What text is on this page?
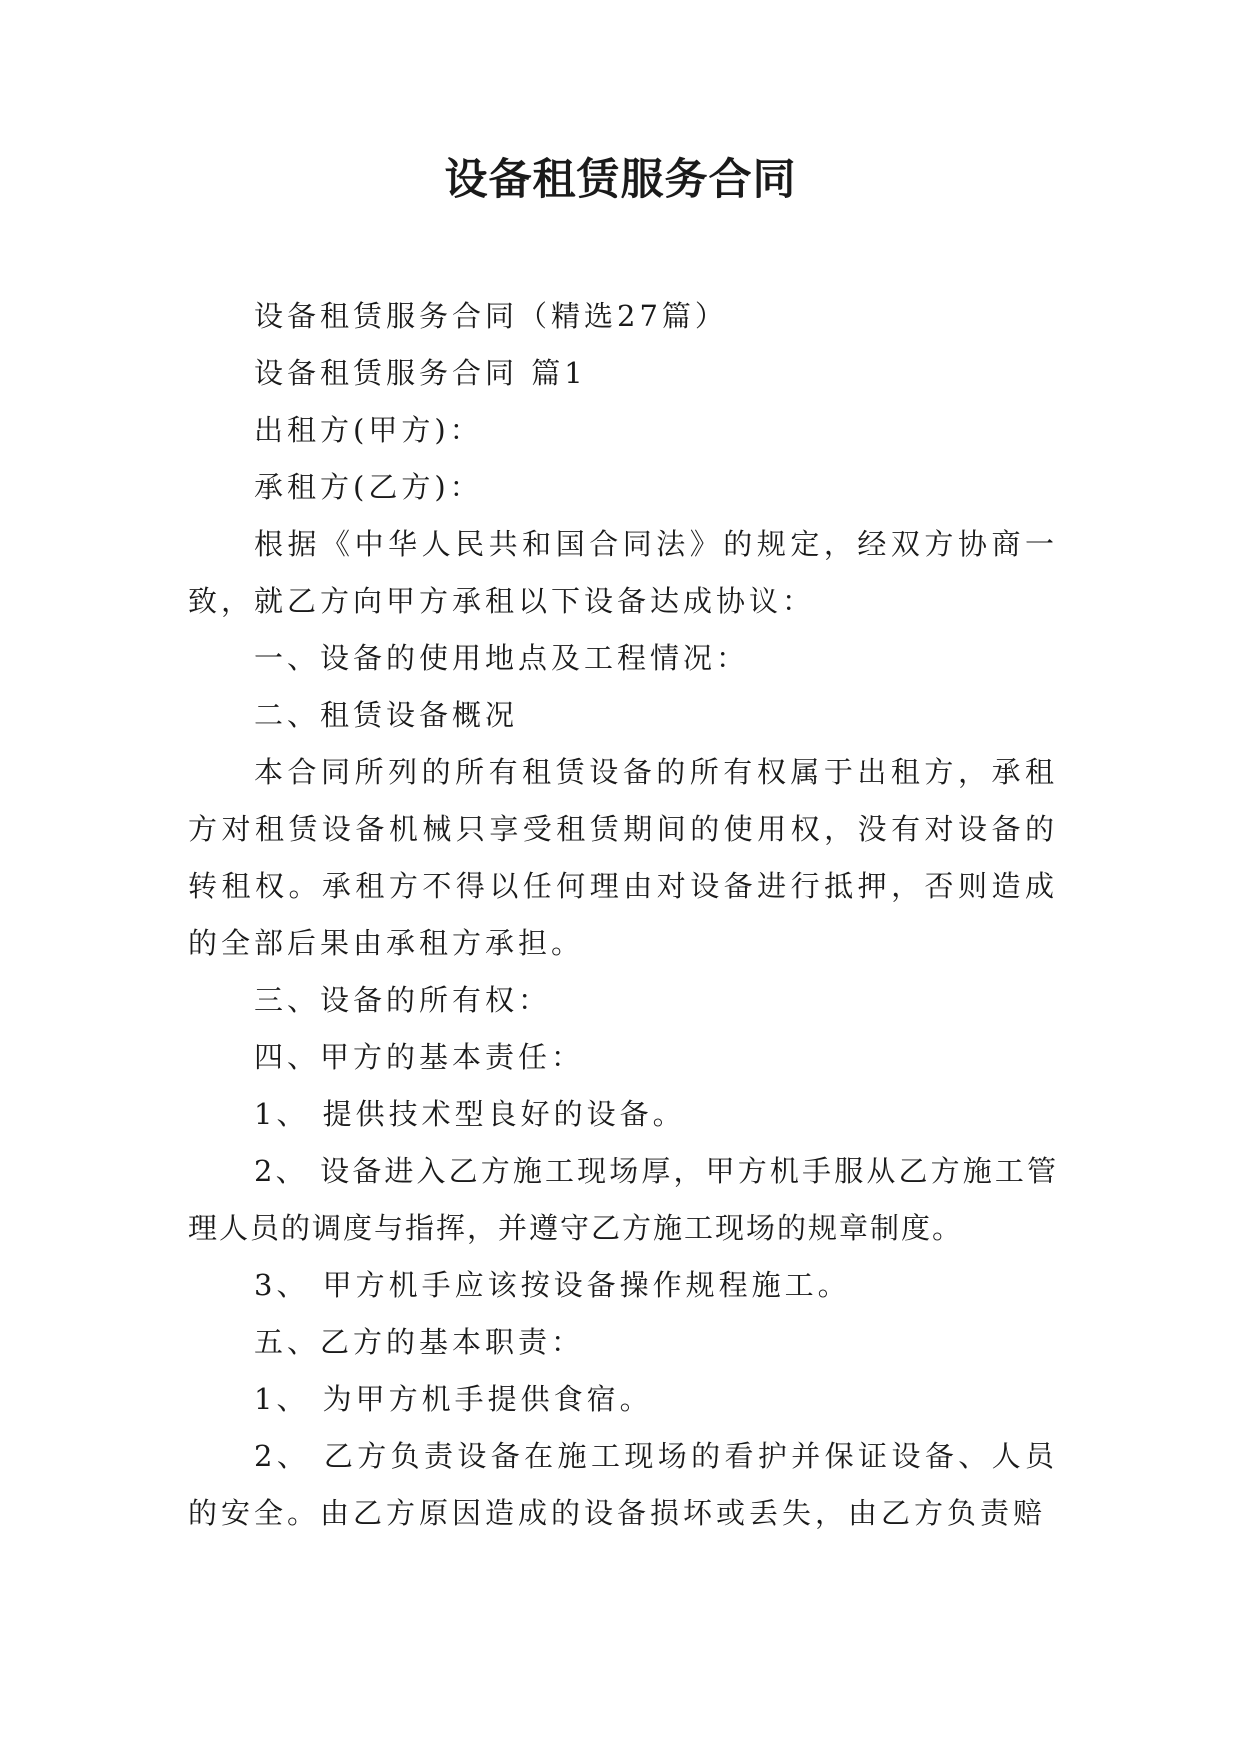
设备租赁服务合同

设备租赁服务合同（精选27篇）

设备租赁服务合同 篇1

出租方(甲方)：

承租方(乙方)：

根据《中华人民共和国合同法》的规定，经双方协商一致，就乙方向甲方承租以下设备达成协议：

一、设备的使用地点及工程情况：

二、租赁设备概况

本合同所列的所有租赁设备的所有权属于出租方，承租方对租赁设备机械只享受租赁期间的使用权，没有对设备的转租权。承租方不得以任何理由对设备进行抵押，否则造成的全部后果由承租方承担。

三、设备的所有权：

四、甲方的基本责任：

1、 提供技术型良好的设备。

2、 设备进入乙方施工现场厚，甲方机手服从乙方施工管理人员的调度与指挥，并遵守乙方施工现场的规章制度。

3、 甲方机手应该按设备操作规程施工。

五、乙方的基本职责：

1、 为甲方机手提供食宿。

2、 乙方负责设备在施工现场的看护并保证设备、人员的安全。由乙方原因造成的设备损坏或丢失，由乙方负责赔
